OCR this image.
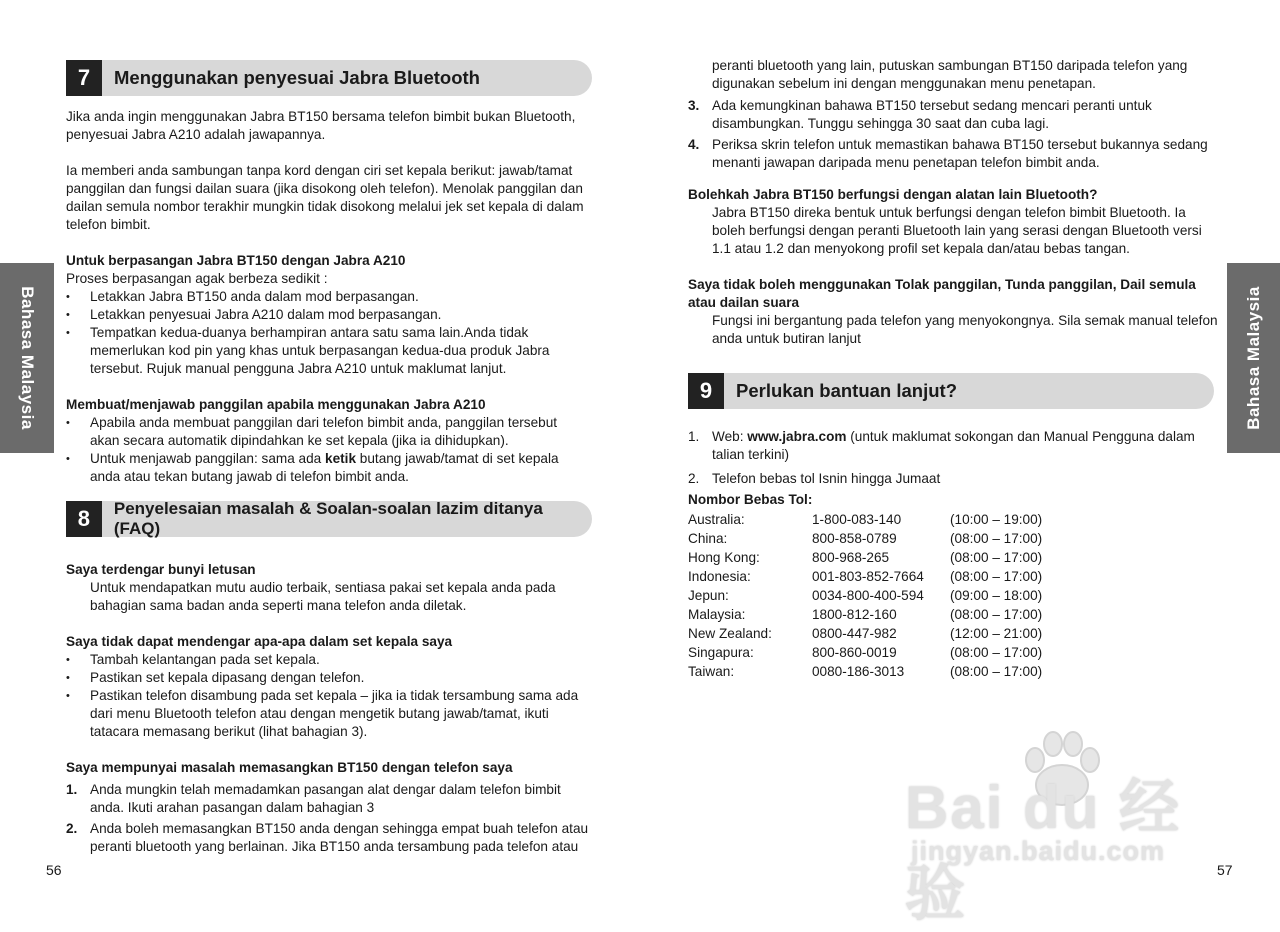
Bahasa Malaysia
7	Menggunakan penyesuai Jabra Bluetooth

Jika anda ingin menggunakan Jabra BT150 bersama telefon bimbit bukan Bluetooth, penyesuai Jabra A210 adalah jawapannya.

Ia memberi anda sambungan tanpa kord dengan ciri set kepala berikut: jawab/tamat panggilan dan fungsi dailan suara (jika disokong oleh telefon). Menolak panggilan dan dailan semula nombor terakhir mungkin tidak disokong melalui jek set kepala di dalam telefon bimbit.

Untuk berpasangan Jabra BT150 dengan Jabra A210

Proses berpasangan agak berbeza sedikit :

• Letakkan Jabra BT150 anda dalam mod berpasangan.
• Letakkan penyesuai Jabra A210 dalam mod berpasangan.
• Tempatkan kedua-duanya berhampiran antara satu sama lain.Anda tidak memerlukan kod pin yang khas untuk berpasangan kedua-dua produk Jabra tersebut. Rujuk manual pengguna Jabra A210 untuk maklumat lanjut.

Membuat/menjawab panggilan apabila menggunakan Jabra A210

• Apabila anda membuat panggilan dari telefon bimbit anda, panggilan tersebut akan secara automatik dipindahkan ke set kepala (jika ia dihidupkan).
• Untuk menjawab panggilan: sama ada ketik butang jawab/tamat di set kepala anda atau tekan butang jawab di telefon bimbit anda.
8	Penyelesaian masalah & Soalan-soalan lazim ditanya (FAQ)

Saya terdengar bunyi letusan

Untuk mendapatkan mutu audio terbaik, sentiasa pakai set kepala anda pada bahagian sama badan anda seperti mana telefon anda diletak.

Saya tidak dapat mendengar apa-apa dalam set kepala saya

• Tambah kelantangan pada set kepala.
• Pastikan set kepala dipasang dengan telefon.
• Pastikan telefon disambung pada set kepala – jika ia tidak tersambung sama ada dari menu Bluetooth telefon atau dengan mengetik butang jawab/tamat, ikuti tatacara memasang berikut (lihat bahagian 3).

Saya mempunyai masalah memasangkan BT150 dengan telefon saya

1. Anda mungkin telah memadamkan pasangan alat dengar dalam telefon bimbit anda. Ikuti arahan pasangan dalam bahagian 3
2. Anda boleh memasangkan BT150 anda dengan sehingga empat buah telefon atau peranti bluetooth yang berlainan. Jika BT150 anda tersambung pada telefon atau
56

peranti bluetooth yang lain, putuskan sambungan BT150 daripada telefon yang digunakan sebelum ini dengan menggunakan menu penetapan.

3. Ada kemungkinan bahawa BT150 tersebut sedang mencari peranti untuk disambungkan. Tunggu sehingga 30 saat dan cuba lagi.
4. Periksa skrin telefon untuk memastikan bahawa BT150 tersebut bukannya sedang menanti jawapan daripada menu penetapan telefon bimbit anda.

Bolehkah Jabra BT150 berfungsi dengan alatan lain Bluetooth?

Jabra BT150 direka bentuk untuk berfungsi dengan telefon bimbit Bluetooth. Ia boleh berfungsi dengan peranti Bluetooth lain yang serasi dengan Bluetooth versi 1.1 atau 1.2 dan menyokong profil set kepala dan/atau bebas tangan.

Saya tidak boleh menggunakan Tolak panggilan, Tunda panggilan, Dail semula atau dailan suara

Fungsi ini bergantung pada telefon yang menyokongnya. Sila semak manual telefon anda untuk butiran lanjut

9	Perlukan bantuan lanjut?
1. Web: www.jabra.com (untuk maklumat sokongan dan Manual Pengguna dalam talian terkini)
2. Telefon bebas tol Isnin hingga Jumaat

Nombor Bebas Tol:

Australia:	1-800-083-140	(10:00 – 19:00)
China:	800-858-0789	(08:00 – 17:00)
Hong Kong:	800-968-265	(08:00 – 17:00)
Indonesia:	001-803-852-7664	(08:00 – 17:00)
Jepun:	0034-800-400-594	(09:00 – 18:00)
Malaysia:	1800-812-160	(08:00 – 17:00)
New Zealand:	0800-447-982	(12:00 – 21:00)
Singapura:	800-860-0019	(08:00 – 17:00)
Taiwan:	0080-186-3013	(08:00 – 17:00)
57
Bahasa Malaysia
Bai du 经验
jingyan.baidu.com
